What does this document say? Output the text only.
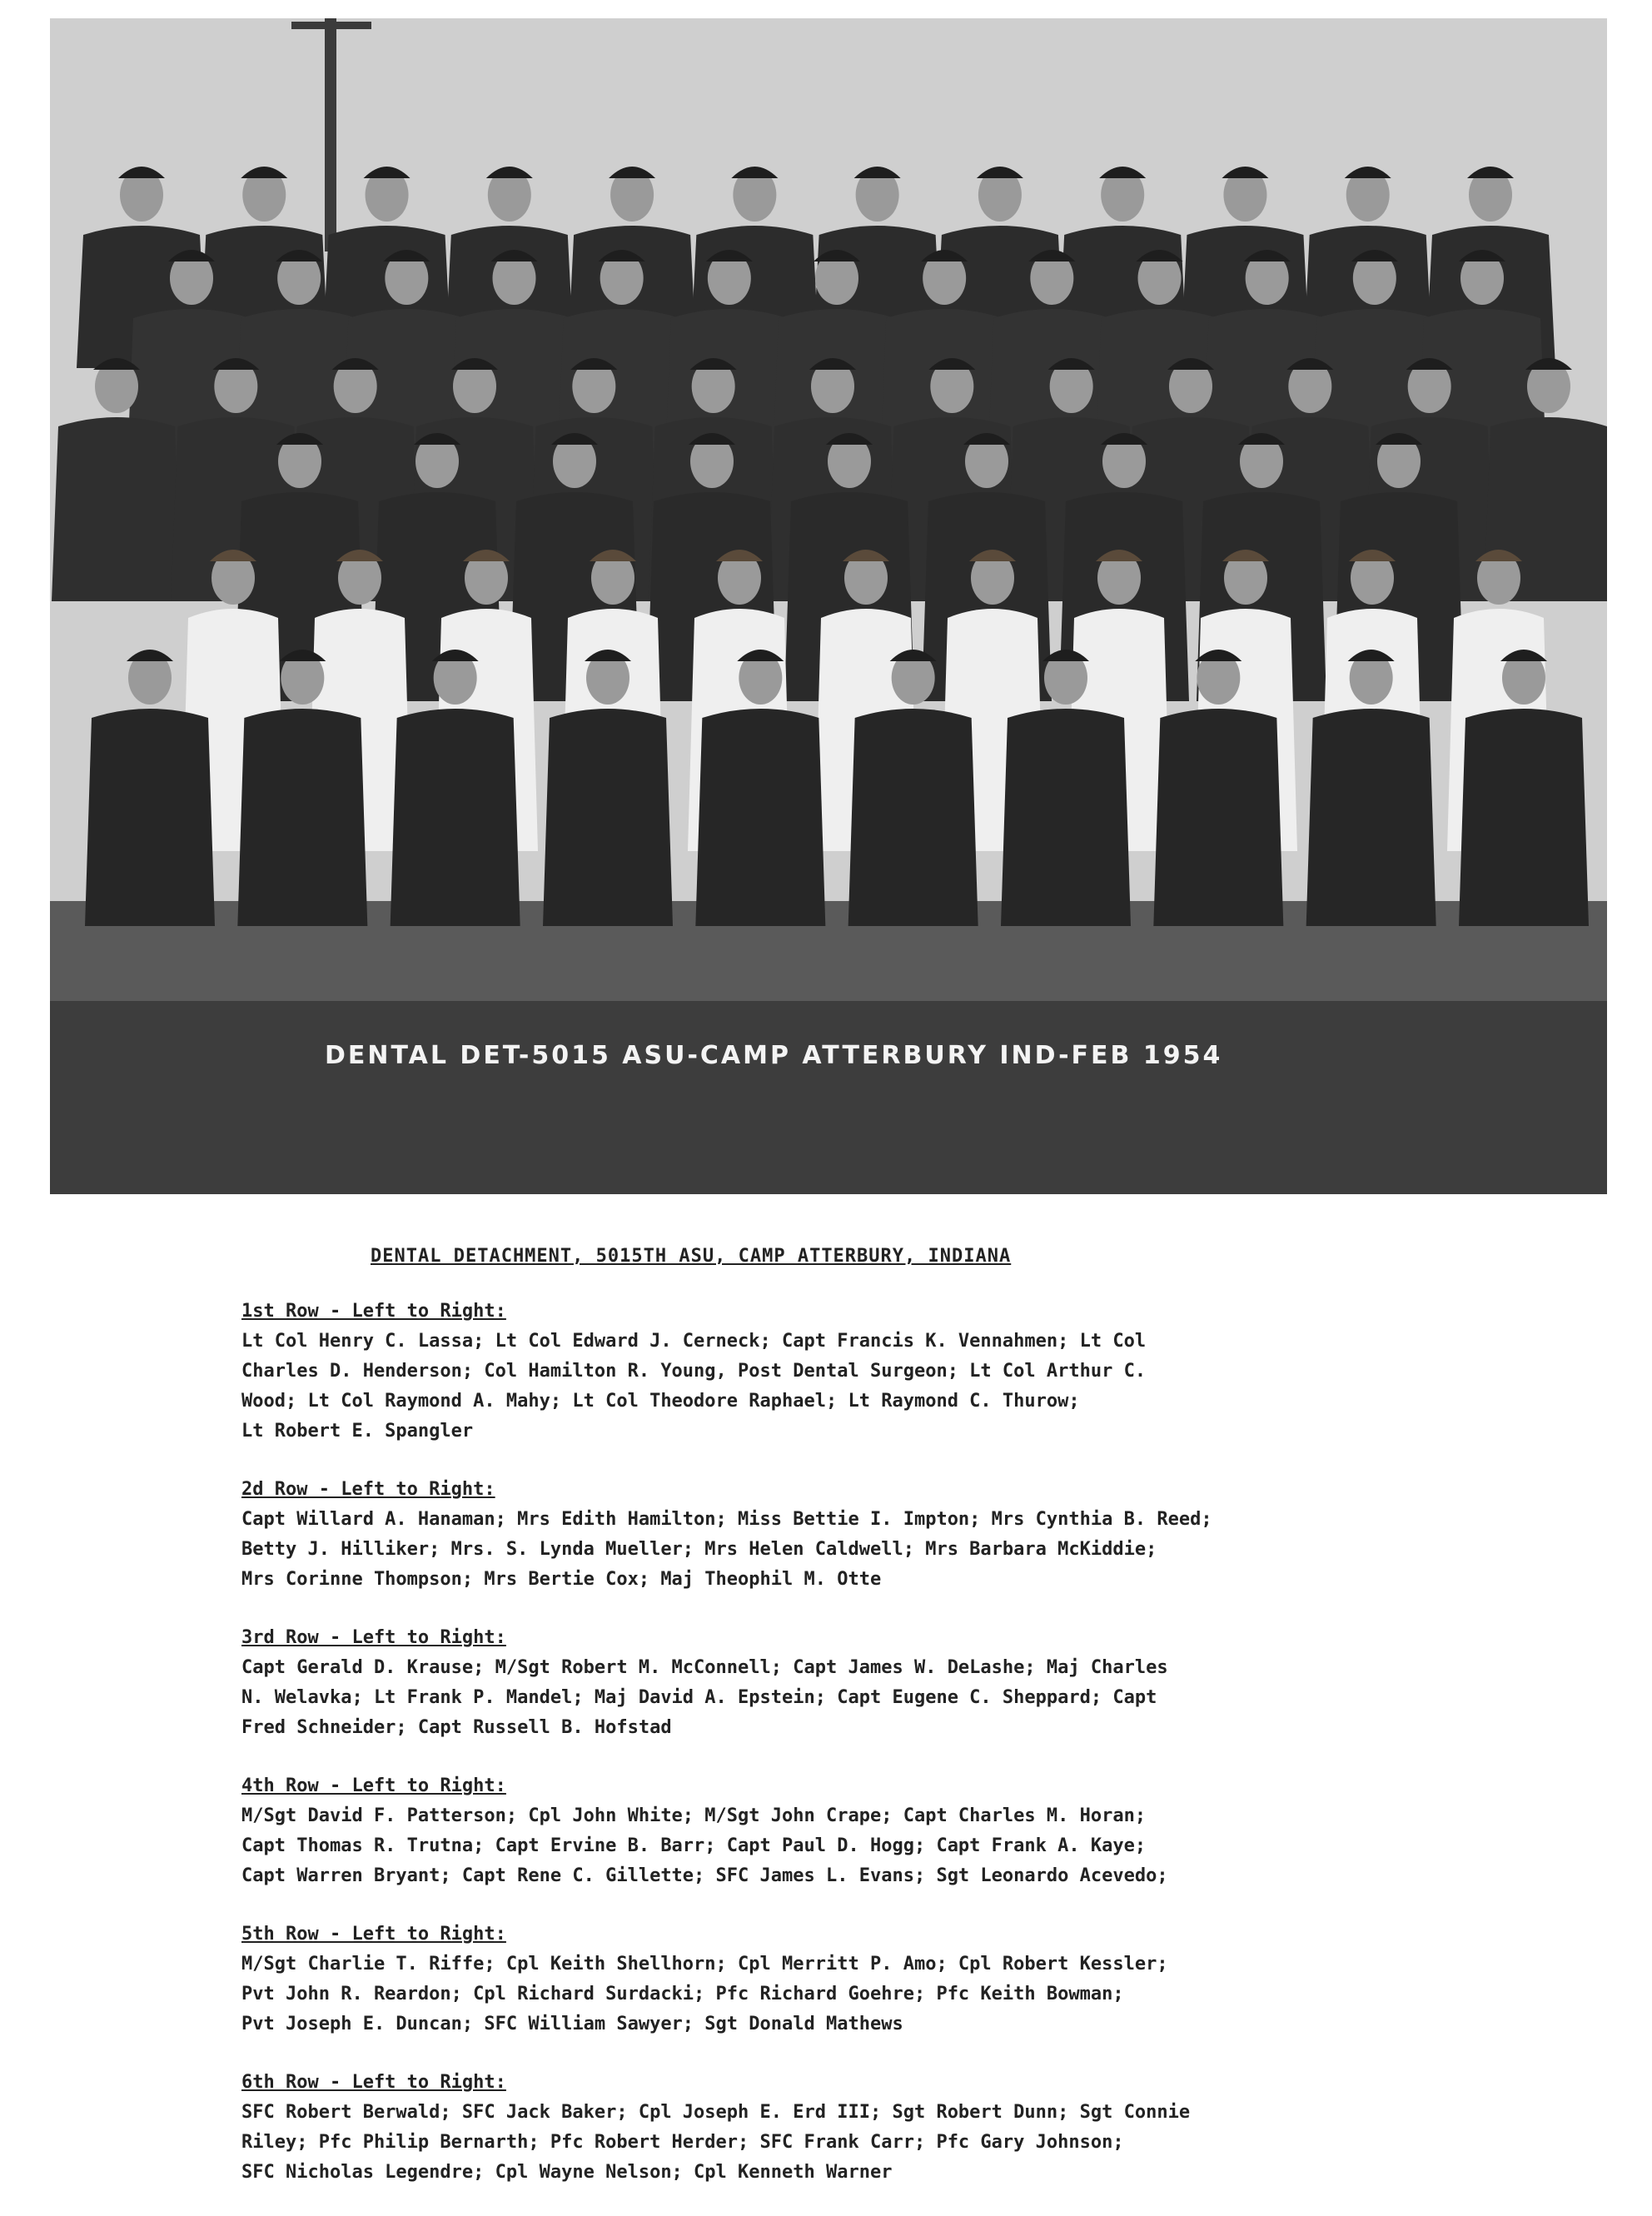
DENTAL DET-5015 ASU-CAMP ATTERBURY IND-FEB 1954
DENTAL DETACHMENT, 5015TH ASU, CAMP ATTERBURY, INDIANA
1st Row - Left to Right:

Lt Col Henry C. Lassa; Lt Col Edward J. Cerneck; Capt Francis K. Vennahmen; Lt Col

Charles D. Henderson; Col Hamilton R. Young, Post Dental Surgeon; Lt Col Arthur C.

Wood; Lt Col Raymond A. Mahy; Lt Col Theodore Raphael; Lt Raymond C. Thurow;

Lt Robert E. Spangler

2d Row - Left to Right:

Capt Willard A. Hanaman; Mrs Edith Hamilton; Miss Bettie I. Impton; Mrs Cynthia B. Reed;

Betty J. Hilliker; Mrs. S. Lynda Mueller; Mrs Helen Caldwell; Mrs Barbara McKiddie;

Mrs Corinne Thompson; Mrs Bertie Cox; Maj Theophil M. Otte

3rd Row - Left to Right:

Capt Gerald D. Krause; M/Sgt Robert M. McConnell; Capt James W. DeLashe; Maj Charles

N. Welavka; Lt Frank P. Mandel; Maj David A. Epstein; Capt Eugene C. Sheppard; Capt

Fred Schneider; Capt Russell B. Hofstad

4th Row - Left to Right:

M/Sgt David F. Patterson; Cpl John White; M/Sgt John Crape; Capt Charles M. Horan;

Capt Thomas R. Trutna; Capt Ervine B. Barr; Capt Paul D. Hogg; Capt Frank A. Kaye;

Capt Warren Bryant; Capt Rene C. Gillette; SFC James L. Evans; Sgt Leonardo Acevedo;

5th Row - Left to Right:

M/Sgt Charlie T. Riffe; Cpl Keith Shellhorn; Cpl Merritt P. Amo; Cpl Robert Kessler;

Pvt John R. Reardon; Cpl Richard Surdacki; Pfc Richard Goehre; Pfc Keith Bowman;

Pvt Joseph E. Duncan; SFC William Sawyer; Sgt Donald Mathews

6th Row - Left to Right:

SFC Robert Berwald; SFC Jack Baker; Cpl Joseph E. Erd III; Sgt Robert Dunn; Sgt Connie

Riley; Pfc Philip Bernarth; Pfc Robert Herder; SFC Frank Carr; Pfc Gary Johnson;

SFC Nicholas Legendre; Cpl Wayne Nelson; Cpl Kenneth Warner
